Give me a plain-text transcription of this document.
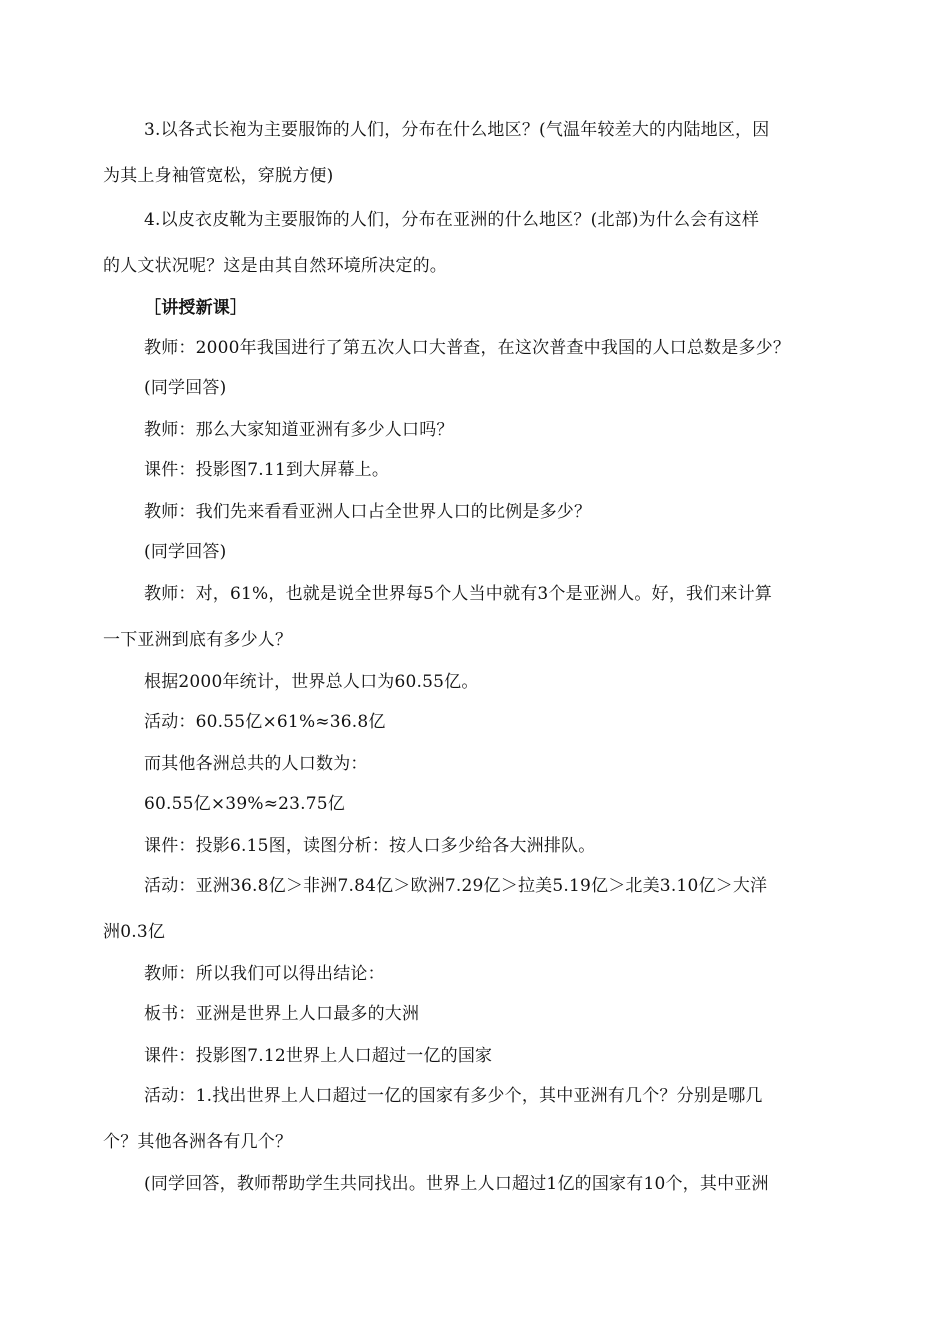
3.以各式长袍为主要服饰的人们，分布在什么地区？(气温年较差大的内陆地区，因
为其上身袖管宽松，穿脱方便)
4.以皮衣皮靴为主要服饰的人们，分布在亚洲的什么地区？(北部)为什么会有这样
的人文状况呢？这是由其自然环境所决定的。
［讲授新课］
教师：2000年我国进行了第五次人口大普查，在这次普查中我国的人口总数是多少？
(同学回答)
教师：那么大家知道亚洲有多少人口吗？
课件：投影图7.11到大屏幕上。
教师：我们先来看看亚洲人口占全世界人口的比例是多少？
(同学回答)
教师：对，61%，也就是说全世界每5个人当中就有3个是亚洲人。好，我们来计算
一下亚洲到底有多少人？
根据2000年统计，世界总人口为60.55亿。
活动：60.55亿×61%≈36.8亿
而其他各洲总共的人口数为：
60.55亿×39%≈23.75亿
课件：投影6.15图，读图分析：按人口多少给各大洲排队。
活动：亚洲36.8亿＞非洲7.84亿＞欧洲7.29亿＞拉美5.19亿＞北美3.10亿＞大洋
洲0.3亿
教师：所以我们可以得出结论：
板书：亚洲是世界上人口最多的大洲
课件：投影图7.12世界上人口超过一亿的国家
活动：1.找出世界上人口超过一亿的国家有多少个，其中亚洲有几个？分别是哪几
个？其他各洲各有几个？
(同学回答，教师帮助学生共同找出。世界上人口超过1亿的国家有10个，其中亚洲
